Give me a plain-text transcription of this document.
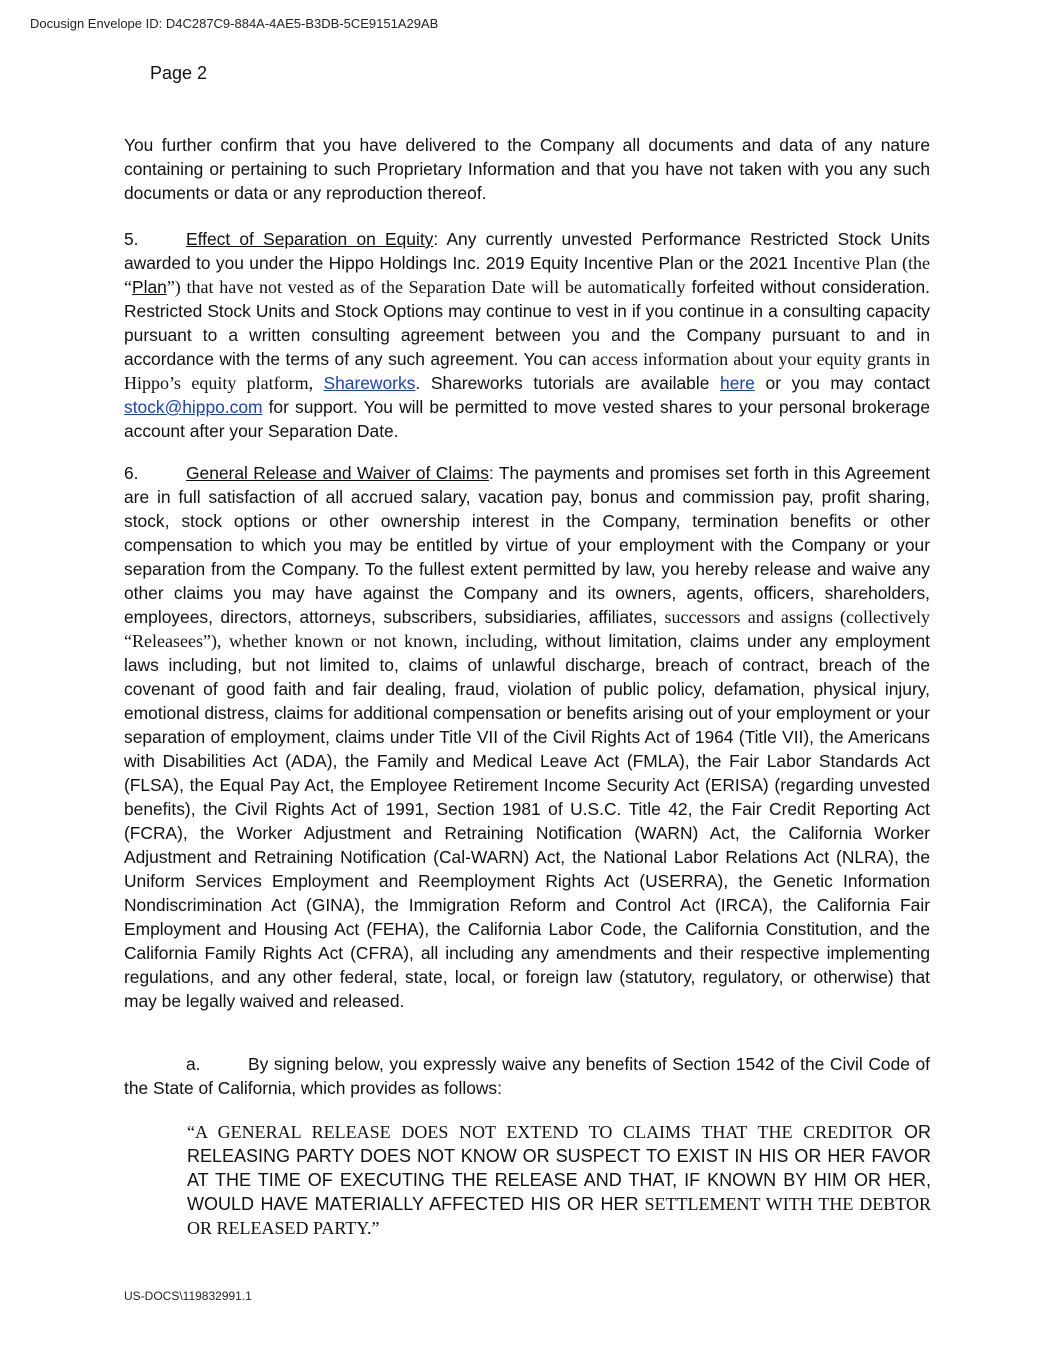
Docusign Envelope ID: D4C287C9-884A-4AE5-B3DB-5CE9151A29AB
Page 2

You further confirm that you have delivered to the Company all documents and data of any nature containing or pertaining to such Proprietary Information and that you have not taken with you any such documents or data or any reproduction thereof.

5.	Effect of Separation on Equity: Any currently unvested Performance Restricted Stock Units awarded to you under the Hippo Holdings Inc. 2019 Equity Incentive Plan or the 2021 Incentive Plan (the “Plan”) that have not vested as of the Separation Date will be automatically forfeited without consideration. Restricted Stock Units and Stock Options may continue to vest in if you continue in a consulting capacity pursuant to a written consulting agreement between you and the Company pursuant to and in accordance with the terms of any such agreement. You can access information about your equity grants in Hippo’s equity platform, Shareworks. Shareworks tutorials are available here or you may contact stock@hippo.com for support. You will be permitted to move vested shares to your personal brokerage account after your Separation Date.

6.	General Release and Waiver of Claims: The payments and promises set forth in this Agreement are in full satisfaction of all accrued salary, vacation pay, bonus and commission pay, profit sharing, stock, stock options or other ownership interest in the Company, termination benefits or other compensation to which you may be entitled by virtue of your employment with the Company or your separation from the Company. To the fullest extent permitted by law, you hereby release and waive any other claims you may have against the Company and its owners, agents, officers, shareholders, employees, directors, attorneys, subscribers, subsidiaries, affiliates, successors and assigns (collectively “Releasees”), whether known or not known, including, without limitation, claims under any employment laws including, but not limited to, claims of unlawful discharge, breach of contract, breach of the covenant of good faith and fair dealing, fraud, violation of public policy, defamation, physical injury, emotional distress, claims for additional compensation or benefits arising out of your employment or your separation of employment, claims under Title VII of the Civil Rights Act of 1964 (Title VII), the Americans with Disabilities Act (ADA), the Family and Medical Leave Act (FMLA), the Fair Labor Standards Act (FLSA), the Equal Pay Act, the Employee Retirement Income Security Act (ERISA) (regarding unvested benefits), the Civil Rights Act of 1991, Section 1981 of U.S.C. Title 42, the Fair Credit Reporting Act (FCRA), the Worker Adjustment and Retraining Notification (WARN) Act, the California Worker Adjustment and Retraining Notification (Cal-WARN) Act, the National Labor Relations Act (NLRA), the Uniform Services Employment and Reemployment Rights Act (USERRA), the Genetic Information Nondiscrimination Act (GINA), the Immigration Reform and Control Act (IRCA), the California Fair Employment and Housing Act (FEHA), the California Labor Code, the California Constitution, and the California Family Rights Act (CFRA), all including any amendments and their respective implementing regulations, and any other federal, state, local, or foreign law (statutory, regulatory, or otherwise) that may be legally waived and released.

a.	By signing below, you expressly waive any benefits of Section 1542 of the Civil Code of the State of California, which provides as follows:

“A GENERAL RELEASE DOES NOT EXTEND TO CLAIMS THAT THE CREDITOR OR RELEASING PARTY DOES NOT KNOW OR SUSPECT TO EXIST IN HIS OR HER FAVOR AT THE TIME OF EXECUTING THE RELEASE AND THAT, IF KNOWN BY HIM OR HER, WOULD HAVE MATERIALLY AFFECTED HIS OR HER SETTLEMENT WITH THE DEBTOR OR RELEASED PARTY.”
US-DOCS\119832991.1
